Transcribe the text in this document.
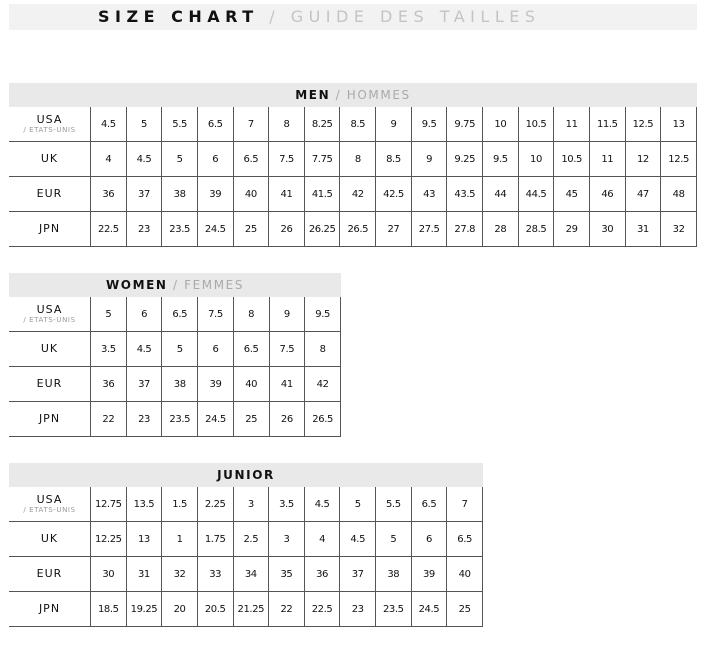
SIZE CHART / GUIDE DES TAILLES
MEN / HOMMES
USA
/ ETATS-UNIS	4.5	5	5.5	6.5	7	8	8.25	8.5	9	9.5	9.75	10	10.5	11	11.5	12.5	13

UK	4	4.5	5	6	6.5	7.5	7.75	8	8.5	9	9.25	9.5	10	10.5	11	12	12.5

EUR	36	37	38	39	40	41	41.5	42	42.5	43	43.5	44	44.5	45	46	47	48

JPN	22.5	23	23.5	24.5	25	26	26.25	26.5	27	27.5	27.8	28	28.5	29	30	31	32
WOMEN / FEMMES
USA
/ ETATS-UNIS	5	6	6.5	7.5	8	9	9.5

UK	3.5	4.5	5	6	6.5	7.5	8

EUR	36	37	38	39	40	41	42

JPN	22	23	23.5	24.5	25	26	26.5
JUNIOR
USA
/ ETATS-UNIS	12.75	13.5	1.5	2.25	3	3.5	4.5	5	5.5	6.5	7

UK	12.25	13	1	1.75	2.5	3	4	4.5	5	6	6.5

EUR	30	31	32	33	34	35	36	37	38	39	40

JPN	18.5	19.25	20	20.5	21.25	22	22.5	23	23.5	24.5	25
